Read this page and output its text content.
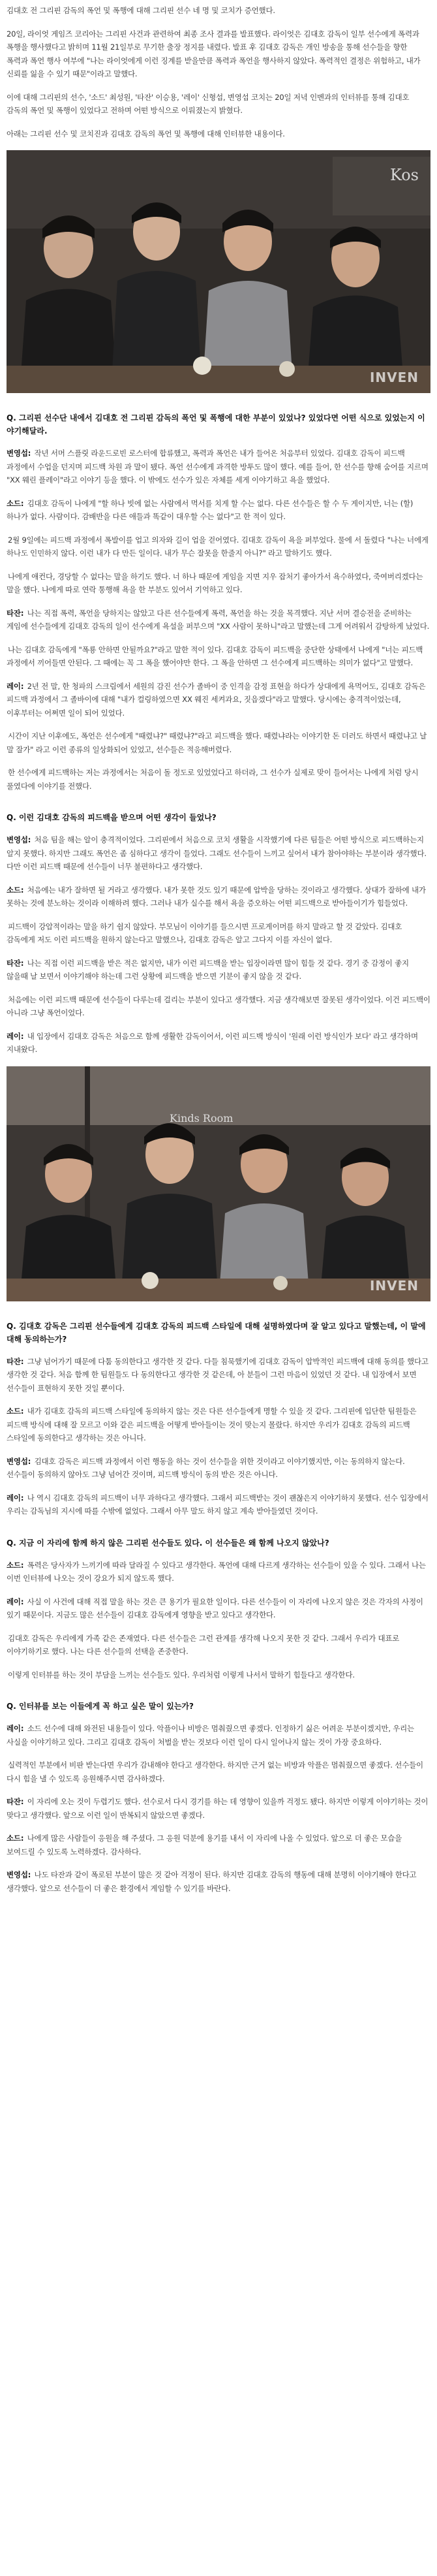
김대호 전 그리핀 감독의 폭언 및 폭행에 대해 그리핀 선수 네 명 및 코치가 증언했다.

20일, 라이엇 게임즈 코리아는 그리핀 사건과 관련하여 최종 조사 결과를 발표했다. 라이엇은 김대호 감독이 일부 선수에게 폭력과 폭행을 행사했다고 밝히며 11월 21일부로 무기한 출장 정지를 내렸다. 발표 후 김대호 감독은 개인 방송을 통해 선수들을 향한 폭력과 폭언 행사 여부에 "나는 라이엇에게 이런 징계를 받을만큼 폭력과 폭언을 행사하지 않았다. 폭력적인 결정은 위험하고, 내가 신뢰를 잃을 수 있기 때문"이라고 말했다.

이에 대해 그리핀의 선수, '소드' 최성원, '타잔' 이승용, '레이' 신형섭, 변영섭 코치는 20일 저녁 인벤과의 인터뷰를 통해 김대호 감독의 폭언 및 폭행이 있었다고 전하며 어떤 방식으로 이뤄졌는지 밝혔다.

아래는 그리핀 선수 및 코치진과 김대호 감독의 폭언 및 폭행에 대해 인터뷰한 내용이다.

Kos
INVEN

Q. 그리핀 선수단 내에서 김대호 전 그리핀 감독의 폭언 및 폭행에 대한 부분이 있었나? 있었다면 어떤 식으로 있었는지 이야기해달라.

변영섭: 작년 서머 스플릿 라운드로빈 로스터에 합류했고, 폭력과 폭언은 내가 들어온 처음부터 있었다. 김대호 감독이 피드백 과정에서 수업을 던지며 피드백 차원 과 말이 됐다. 폭언 선수에게 과격한 방투도 많이 했다. 예를 들어, 한 선수를 향해 숨어를 지르며 "XX 웨린 플레이"라고 이야기 등을 했다. 이 밖에도 선수가 있은 자체를 세게 이야기하고 욕을 했었다.

소드: 김대호 감독이 나에게 "할 하나 빗에 없는 사람에서 먹서를 치게 할 수는 없다. 다른 선수들은 할 수 두 게이지만, 너는 (할) 하나가 없다. 사람이다. 감배반을 다른 애들과 똑같이 대우할 수는 없다"고 한 적이 있다.

2월 9일에는 피드백 과정에서 폭발이를 업고 의자와 길이 업을 걷어였다. 김대호 감독이 욕을 퍼부었다. 물에 서 돌렸다 "나는 너에게 하나도 인민하지 않다. 이런 내가 다 만든 일이다. 내가 무슨 잘못을 한줄지 아니?" 라고 말하기도 했다.

나에게 애컨다, 경당할 수 없다는 말을 하기도 했다. 너 하나 때문에 게임을 지면 지우 잡처기 좋아가서 욕수하였다, 죽여버리겠다는 말을 했다. 나에게 따로 연락 통행해 욕을 한 부분도 있어서 기억하고 있다.

타잔: 나는 직접 폭력, 폭언을 당하지는 않았고 다른 선수들에게 폭력, 폭언을 하는 것을 목격했다. 지난 서머 결승전을 준비하는 게임에 선수들에게 김대호 감독의 일이 선수에게 욕설을 퍼부으며 "XX 사람이 못하니"라고 말했는데 그게 어려워서 감탕하게 났었다.

나는 김대호 감독에게 "폭룡 안하면 안될까요?"라고 말한 적이 있다. 김대호 감독이 피드백을 중단한 상태에서 나에게 "너는 피드백 과정에서 끼어들면 안된다. 그 때에는 꼭 그 폭을 했어야만 한다. 그 폭을 안하면 그 선수에게 피드백하는 의미가 없다"고 말했다.

레이: 2년 전 말, 한 청파의 스크림에서 세원의 감진 선수가 졸바이 중 인격을 감정 표현을 하다가 상대에게 욕먹어도, 김대호 감독은 피드백 과정에서 그 졸바이에 대해 "내가 컬링하였으면 XX 웨진 세켜과요, 짓읍겠다"라고 말했다. 당시에는 충격적이었는데, 이후부터는 어쩌면 일이 되어 있었다.

시간이 지난 이후에도, 폭언은 선수에게 "때렸냐?" 때렸냐?"라고 피드백을 했다. 때렸냐라는 이야기한 돈 더러도 하면서 때렸냐고 날 말 잘가" 라고 이런 종류의 일상화되어 있었고, 선수들은 적응해버렸다.

한 선수에게 피드백하는 저는 과정에서는 처음이 돌 정도로 있었었다고 하더라, 그 선수가 실제로 맞이 들어서는 나에게 처럼 당시 풀였다에 이야기를 전했다.

Q. 이런 김대호 감독의 피드백을 받으며 어떤 생각이 들었나?

변영섭: 처음 팀을 해는 알이 충격적이었다. 그리핀에서 처음으로 코치 생활을 시작했기에 다른 팀들은 어떤 방식으로 피드백하는지 알지 못했다. 하지만 그래도 폭언은 좀 심하다고 생각이 들었다. 그래도 선수들이 느끼고 싶어서 내가 참아야하는 부분이라 생각했다. 다만 이런 피드백 때문에 선수들이 너무 불편하다고 생각했다.

소드: 처음에는 내가 잘하면 될 거라고 생각했다. 내가 못한 것도 있기 때문에 압박을 당하는 것이라고 생각했다. 상대가 잘하에 내가 못하는 것에 분노하는 것이라 이해하려 했다. 그러나 내가 실수를 해서 욕을 증오하는 어떤 피드백으로 받아들이기가 힘들었다.

피드백이 강압적이라는 말을 하기 쉽지 않았다. 부모님이 이야기를 들으시면 프로게이머를 하지 말라고 할 것 같았다. 김대호 감독에게 저도 이런 피드백을 원하지 않는다고 말했으나, 김대호 감독은 알고 그다지 이를 자신이 없다.

타잔: 나는 직접 이런 피드백을 받은 적은 없지만, 내가 이런 피드백을 받는 입장이라면 많이 힘들 것 같다. 경기 중 감정이 좋지 않을때 날 보면서 이야기해야 하는데 그런 상황에 피드백을 받으면 기분이 좋지 않을 것 같다.

처음에는 이런 피드백 때문에 선수들이 다루는데 걸리는 부분이 있다고 생각했다. 지금 생각해보면 잘못된 생각이었다. 이건 피드백이 아니라 그냥 폭언이었다.

레이: 내 입장에서 김대호 감독은 처음으로 함께 생활한 감독이어서, 이런 피드백 방식이 '원래 이런 방식인가 보다' 라고 생각하며 지내왔다.

Kinds Room
INVEN

Q. 김대호 감독은 그리핀 선수들에게 김대호 감독의 피드백 스타일에 대해 설명하였다며 잘 알고 있다고 말했는데, 이 말에 대해 동의하는가?

타잔: 그냥 넘어가기 때문에 다툼 동의한다고 생각한 것 같다. 다들 침묵했기에 김대호 감독이 압박적인 피드백에 대해 동의를 했다고 생각한 것 같다. 처음 함께 한 팀원들도 다 동의한다고 생각한 것 같은데, 아 분들이 그런 마음이 있었던 것 같다. 내 입장에서 보면 선수들이 표현하지 못한 것일 뿐이다.

소드: 내가 김대호 감독의 피드백 스타일에 동의하지 않는 것은 다른 선수들에게 명할 수 있을 것 같다. 그리핀에 입단한 팀원들은 피드백 방식에 대해 잘 모르고 이와 같은 피드백을 어떻게 받아들이는 것이 맞는지 몰랐다. 하지만 우리가 김대호 감독의 피드백 스타일에 동의한다고 생각하는 것은 아니다.

변영섭: 김대호 감독은 피드백 과정에서 이런 행동을 하는 것이 선수들을 위한 것이라고 이야기했지만, 이는 동의하지 않는다. 선수들이 동의하지 않아도 그냥 넘어간 것이며, 피드백 방식이 동의 받은 것은 아니다.

레이: 나 역시 김대호 감독의 피드백이 너무 과하다고 생각했다. 그래서 피드백받는 것이 괜찮은지 이야기하지 못했다. 선수 입장에서 우리는 감독님의 지시에 따를 수밖에 없었다. 그래서 아무 말도 하지 않고 계속 받아들였던 것이다.

Q. 지금 이 자리에 함께 하지 않은 그리핀 선수들도 있다. 이 선수들은 왜 함께 나오지 않았나?

소드: 폭력은 당사자가 느끼기에 따라 달라질 수 있다고 생각한다. 폭언에 대해 다르게 생각하는 선수들이 있을 수 있다. 그래서 나는 이번 인터뷰에 나오는 것이 강요가 되지 않도록 했다.

레이: 사실 이 사건에 대해 직접 말을 하는 것은 큰 용기가 필요한 일이다. 다른 선수들이 이 자리에 나오지 않은 것은 각자의 사정이 있기 때문이다. 지금도 많은 선수들이 김대호 감독에게 영향을 받고 있다고 생각한다.

김대호 감독은 우리에게 가족 같은 존재였다. 다른 선수들은 그런 관계를 생각해 나오지 못한 것 같다. 그래서 우리가 대표로 이야기하기로 했다. 나는 다른 선수들의 선택을 존중한다.

이렇게 인터뷰를 하는 것이 부담을 느끼는 선수들도 있다. 우리처럼 이렇게 나서서 말하기 힘들다고 생각한다.

Q. 인터뷰를 보는 이들에게 꼭 하고 싶은 말이 있는가?

레이: 소드 선수에 대해 와전된 내용들이 있다. 악플이나 비방은 멈춰줬으면 좋겠다. 인정하기 싫은 어려운 부분이겠지만, 우리는 사실을 이야기하고 있다. 그리고 김대호 감독이 처벌을 받는 것보다 이런 일이 다시 일어나지 않는 것이 가장 중요하다.

실력적인 부분에서 비판 받는다면 우리가 감내해야 한다고 생각한다. 하지만 근거 없는 비방과 악플은 멈춰줬으면 좋겠다. 선수들이 다시 힘을 낼 수 있도록 응원해주시면 감사하겠다.

타잔: 이 자리에 오는 것이 두렵기도 했다. 선수로서 다시 경기를 하는 데 영향이 있을까 걱정도 됐다. 하지만 이렇게 이야기하는 것이 맞다고 생각했다. 앞으로 이런 일이 반복되지 않았으면 좋겠다.

소드: 나에게 많은 사람들이 응원을 해 주셨다. 그 응원 덕분에 용기를 내서 이 자리에 나올 수 있었다. 앞으로 더 좋은 모습을 보여드릴 수 있도록 노력하겠다. 감사하다.

변영섭: 나도 타잔과 같이 폭로된 부분이 많은 것 같아 걱정이 된다. 하지만 김대호 감독의 행동에 대해 분명히 이야기해야 한다고 생각했다. 앞으로 선수들이 더 좋은 환경에서 게임할 수 있기를 바란다.
